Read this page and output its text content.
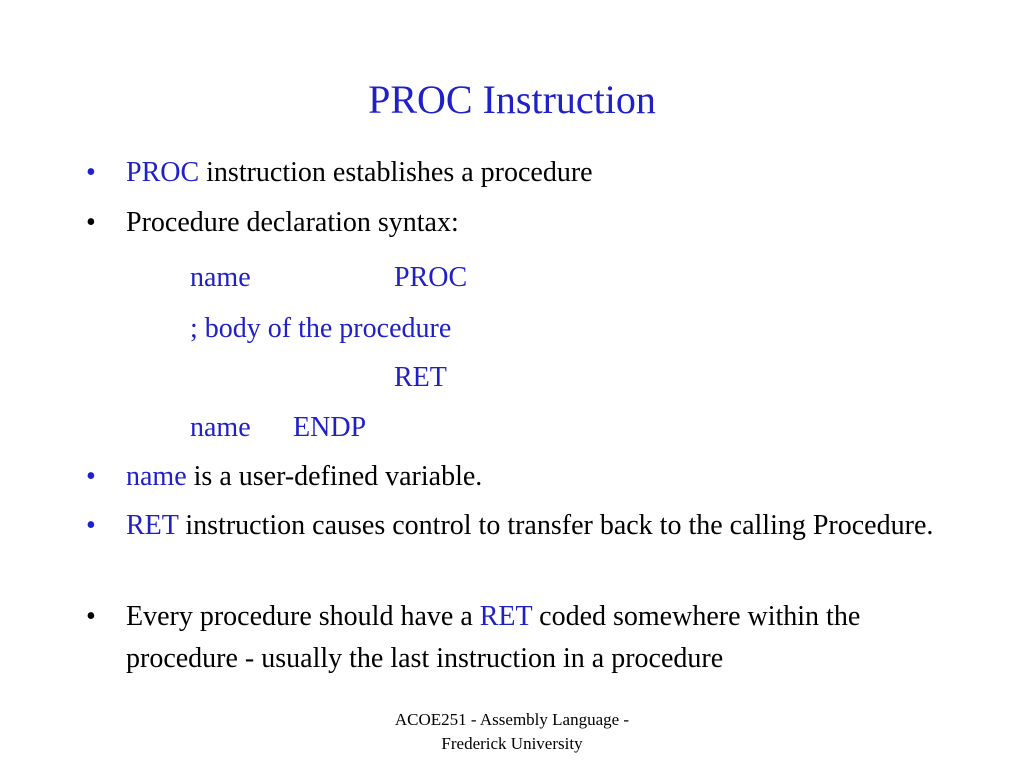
PROC Instruction
• PROC instruction establishes a procedure
• Procedure declaration syntax:
name	PROC
; body of the procedure
RET
name ENDP
• name is a user-defined variable.
• RET instruction causes control to transfer back to the calling Procedure.
• Every procedure should have a RET coded somewhere within the procedure - usually the last instruction in a procedure
ACOE251 - Assembly Language -
Frederick University
